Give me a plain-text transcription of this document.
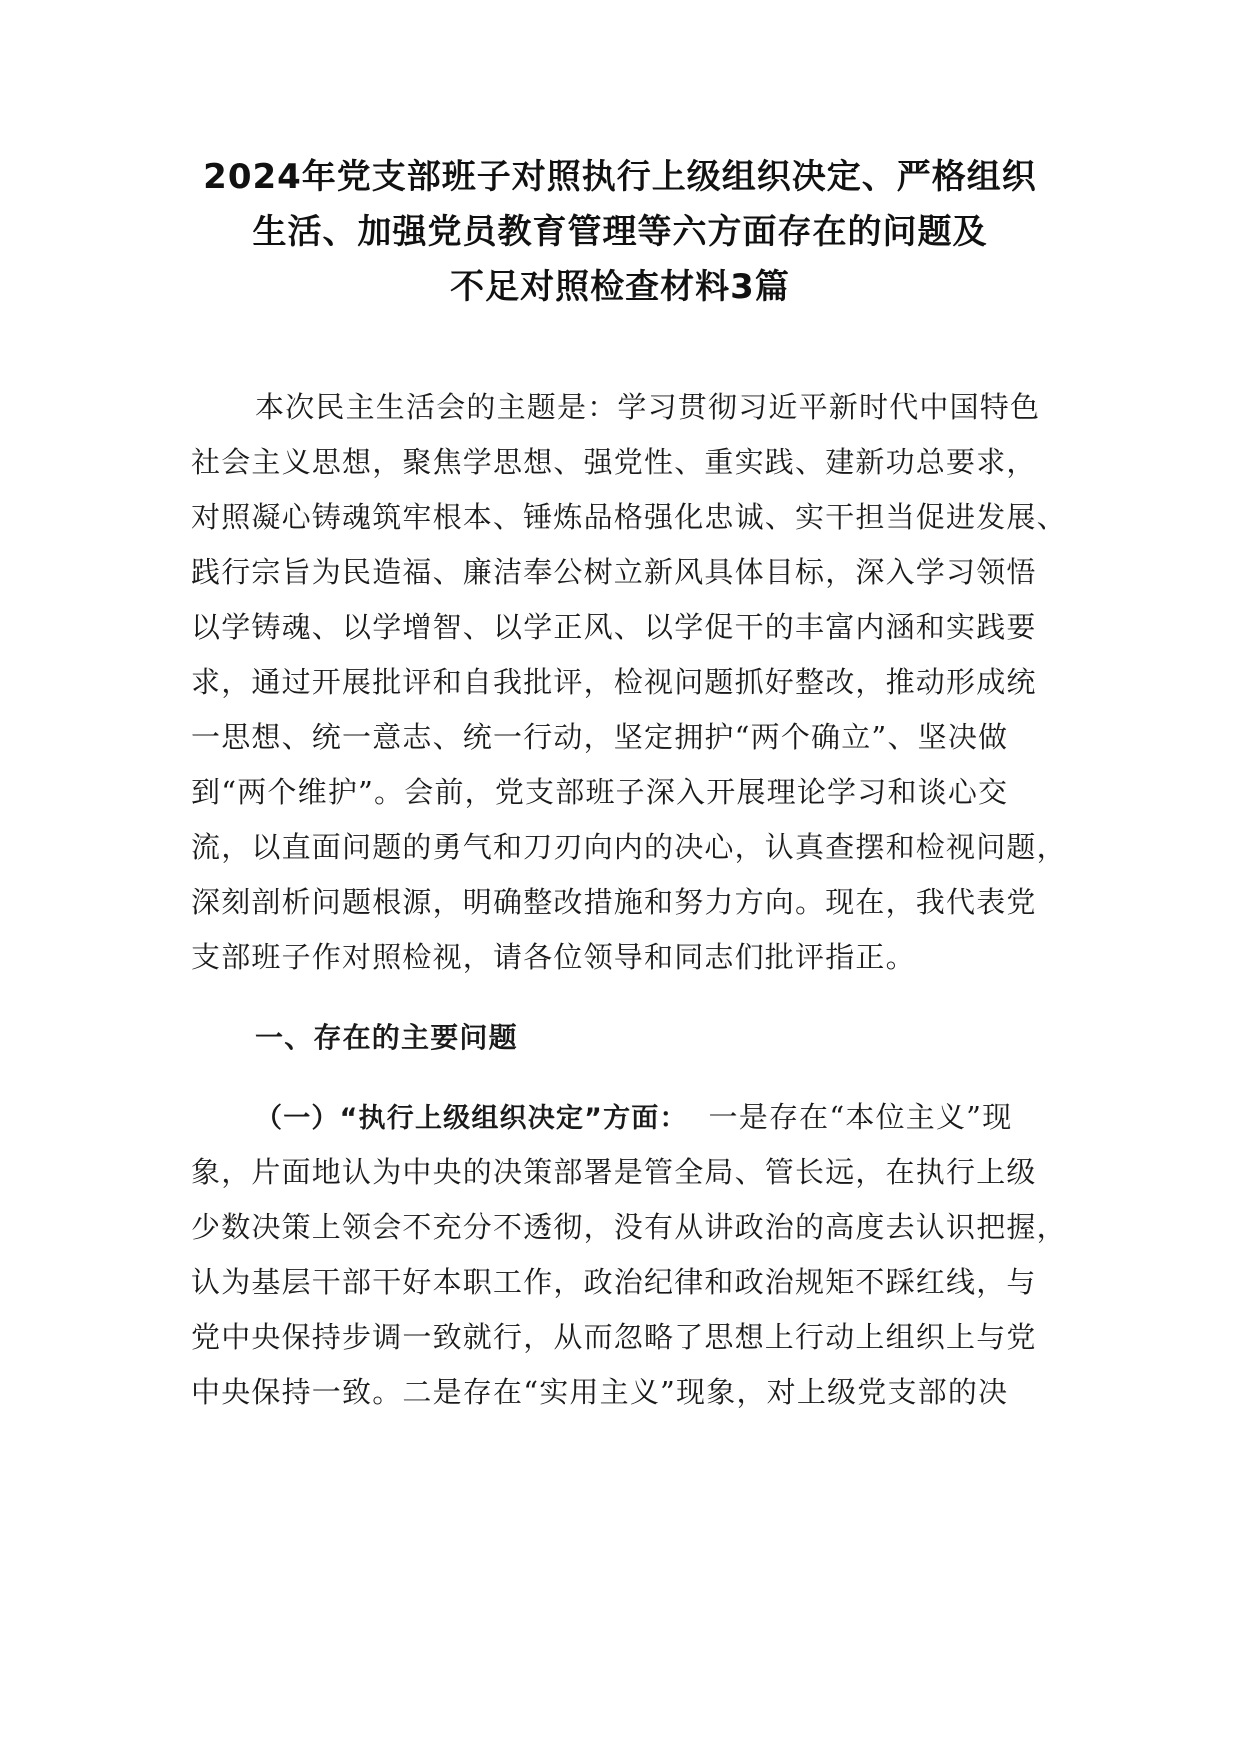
2024年党支部班子对照执行上级组织决定、严格组织
生活、加强党员教育管理等六方面存在的问题及
不足对照检查材料3篇
本次民主生活会的主题是：学习贯彻习近平新时代中国特色
社会主义思想，聚焦学思想、强党性、重实践、建新功总要求，
对照凝心铸魂筑牢根本、锤炼品格强化忠诚、实干担当促进发展、
践行宗旨为民造福、廉洁奉公树立新风具体目标，深入学习领悟
以学铸魂、以学增智、以学正风、以学促干的丰富内涵和实践要
求，通过开展批评和自我批评，检视问题抓好整改，推动形成统
一思想、统一意志、统一行动，坚定拥护“两个确立”、坚决做
到“两个维护”。会前，党支部班子深入开展理论学习和谈心交
流，以直面问题的勇气和刀刃向内的决心，认真查摆和检视问题，
深刻剖析问题根源，明确整改措施和努力方向。现在，我代表党
支部班子作对照检视，请各位领导和同志们批评指正。
一、存在的主要问题
（一）“执行上级组织决定”方面： 一是存在“本位主义”现
象，片面地认为中央的决策部署是管全局、管长远，在执行上级
少数决策上领会不充分不透彻，没有从讲政治的高度去认识把握，
认为基层干部干好本职工作，政治纪律和政治规矩不踩红线，与
党中央保持步调一致就行，从而忽略了思想上行动上组织上与党
中央保持一致。二是存在“实用主义”现象，对上级党支部的决
